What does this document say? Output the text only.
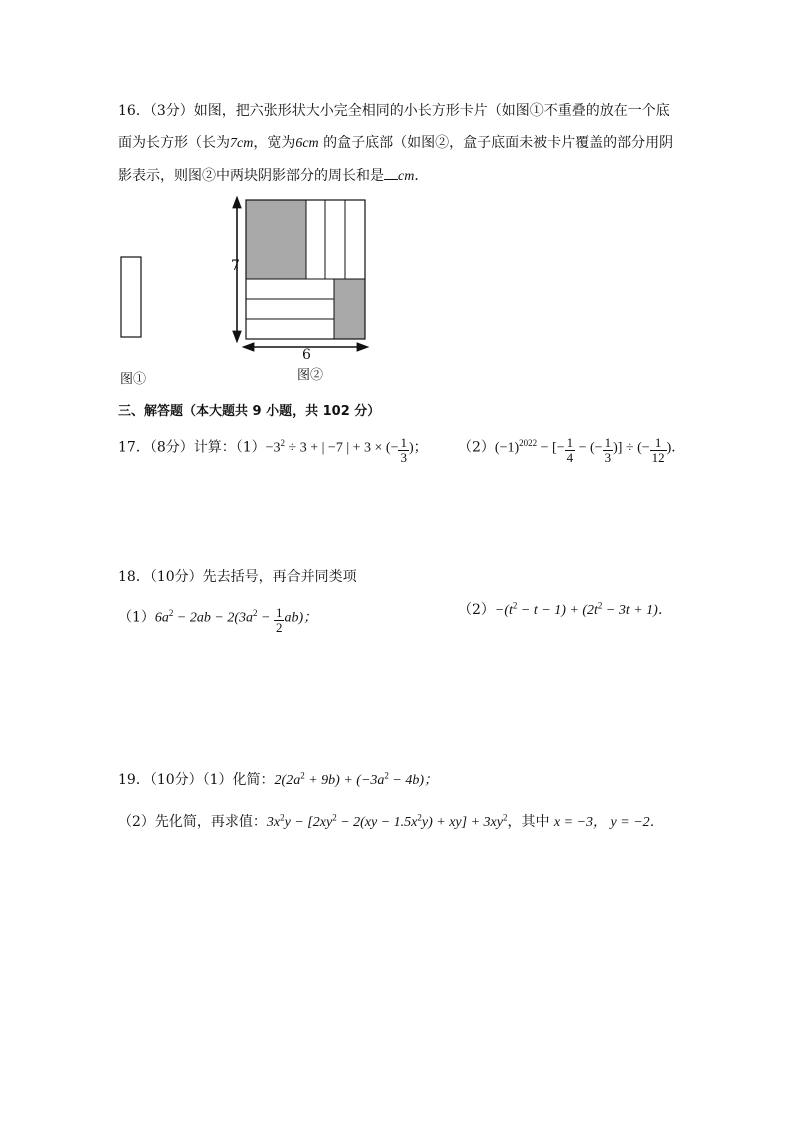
16．（3分）如图，把六张形状大小完全相同的小长方形卡片（如图①不重叠的放在一个底
面为长方形（长为7cm，宽为6cm 的盒子底部（如图②，盒子底面未被卡片覆盖的部分用阴
影表示，则图②中两块阴影部分的周长和是 cm．
图①
7
6
图②
三、解答题（本大题共 9 小题，共 102 分）
17．（8分）计算：$(1)-3^2 \div 3$ + | −7 | + 3 × (− $\frac{1}{3}$ )； $(2)(-1)^{2022}$ − [− $\frac{1}{4}$ − (− $\frac{1}{3}$ )] ÷ (− $\frac{1}{12}$ )．
18．（10分）先去括号，再合并同类项
$(1)6a^2 - 2ab - 2(3a^2 - \frac{1}{2} ab)$；	$(2)-(t^2 - t - 1) + (2t^2 - 3t + 1)$．
19．（10分）（1）化简：$2(2a^2 + 9b) + (-3a^2 - 4b)$；
（2）先化简，再求值：$3x^2y - [2xy^2 - 2(xy - 1.5x^2y) + xy] + 3xy^2$，其中 x = −3， y = −2．
